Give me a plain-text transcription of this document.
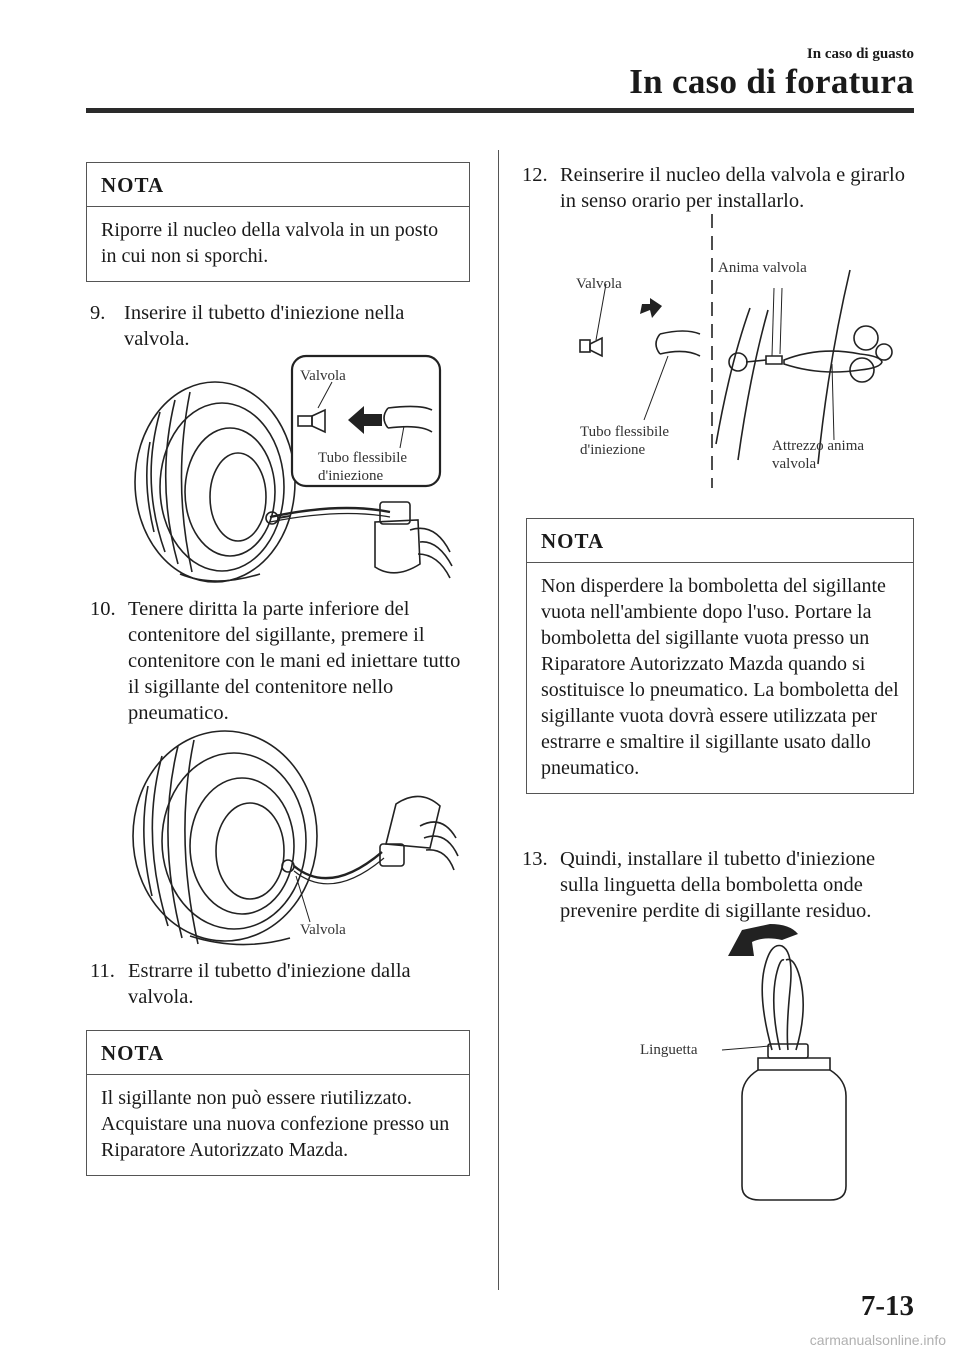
In caso di guasto
In caso di foratura
NOTA
Riporre il nucleo della valvola in un posto in cui non si sporchi.
9. Inserire il tubetto d'iniezione nella valvola.
Valvola
Tubo flessibile
d'iniezione
10. Tenere diritta la parte inferiore del contenitore del sigillante, premere il contenitore con le mani ed iniettare tutto il sigillante del contenitore nello pneumatico.
Valvola
11. Estrarre il tubetto d'iniezione dalla valvola.
NOTA
Il sigillante non può essere riutilizzato. Acquistare una nuova confezione presso un Riparatore Autorizzato Mazda.
12. Reinserire il nucleo della valvola e girarlo in senso orario per installarlo.
Valvola
Anima valvola
Tubo flessibile
d'iniezione	Attrezzo anima
valvola
NOTA
Non disperdere la bomboletta del sigillante vuota nell'ambiente dopo l'uso. Portare la bomboletta del sigillante vuota presso un Riparatore Autorizzato Mazda quando si sostituisce lo pneumatico. La bomboletta del sigillante vuota dovrà essere utilizzata per estrarre e smaltire il sigillante usato dallo pneumatico.
13. Quindi, installare il tubetto d'iniezione sulla linguetta della bomboletta onde prevenire perdite di sigillante residuo.
Linguetta
7-13
carmanualsonline.info
